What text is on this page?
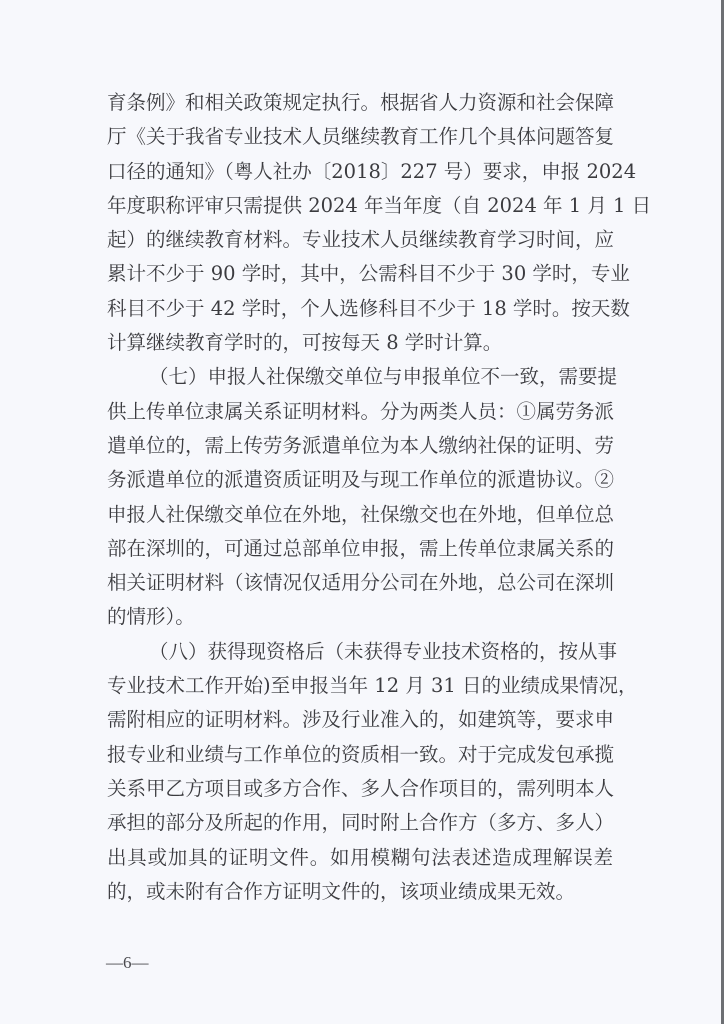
育条例》和相关政策规定执行。根据省人力资源和社会保障
厅《关于我省专业技术人员继续教育工作几个具体问题答复
口径的通知》（粤人社办〔2018〕227 号）要求，申报 2024
年度职称评审只需提供 2024 年当年度（自 2024 年 1 月 1 日
起）的继续教育材料。专业技术人员继续教育学习时间，应
累计不少于 90 学时，其中，公需科目不少于 30 学时，专业
科目不少于 42 学时，个人选修科目不少于 18 学时。按天数
计算继续教育学时的，可按每天 8 学时计算。
（七）申报人社保缴交单位与申报单位不一致，需要提
供上传单位隶属关系证明材料。分为两类人员：①属劳务派
遣单位的，需上传劳务派遣单位为本人缴纳社保的证明、劳
务派遣单位的派遣资质证明及与现工作单位的派遣协议。②
申报人社保缴交单位在外地，社保缴交也在外地，但单位总
部在深圳的，可通过总部单位申报，需上传单位隶属关系的
相关证明材料（该情况仅适用分公司在外地，总公司在深圳
的情形）。
（八）获得现资格后（未获得专业技术资格的，按从事
专业技术工作开始)至申报当年 12 月 31 日的业绩成果情况，
需附相应的证明材料。涉及行业准入的，如建筑等，要求申
报专业和业绩与工作单位的资质相一致。对于完成发包承揽
关系甲乙方项目或多方合作、多人合作项目的，需列明本人
承担的部分及所起的作用，同时附上合作方（多方、多人）
出具或加具的证明文件。如用模糊句法表述造成理解误差
的，或未附有合作方证明文件的，该项业绩成果无效。
—6—
